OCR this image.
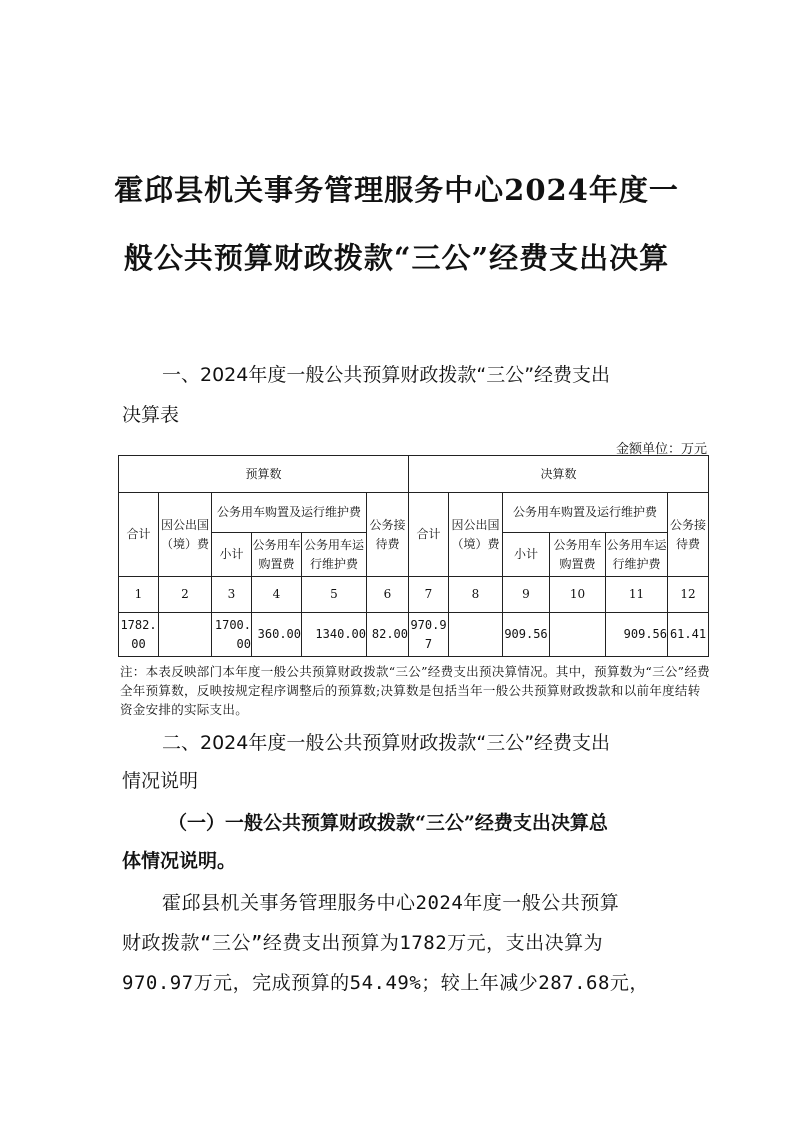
霍邱县机关事务管理服务中心2024年度一
般公共预算财政拨款“三公”经费支出决算
一、2024年度一般公共预算财政拨款“三公”经费支出
决算表
金额单位：万元
预算数						决算数					
合计	因公出国（境）费	公务用车购置及运行维护费			公务接待费	合计	因公出国（境）费	公务用车购置及运行维护费			公务接待费
		小计	公务用车购置费	公务用车运行维护费				小计	公务用车购置费	公务用车运行维护费	
1	2	3	4	5	6	7	8	9	10	11	12
1782.00		1700.00	360.00	1340.00	82.00	970.97		909.56		909.56	61.41
注：本表反映部门本年度一般公共预算财政拨款“三公”经费支出预决算情况。其中，预算数为“三公”经费全年预算数，反映按规定程序调整后的预算数;决算数是包括当年一般公共预算财政拨款和以前年度结转资金安排的实际支出。
二、2024年度一般公共预算财政拨款“三公”经费支出
情况说明
（一）一般公共预算财政拨款“三公”经费支出决算总
体情况说明。
霍邱县机关事务管理服务中心2024年度一般公共预算
财政拨款“三公”经费支出预算为1782万元，支出决算为
970.97万元，完成预算的54.49%；较上年减少287.68元，
